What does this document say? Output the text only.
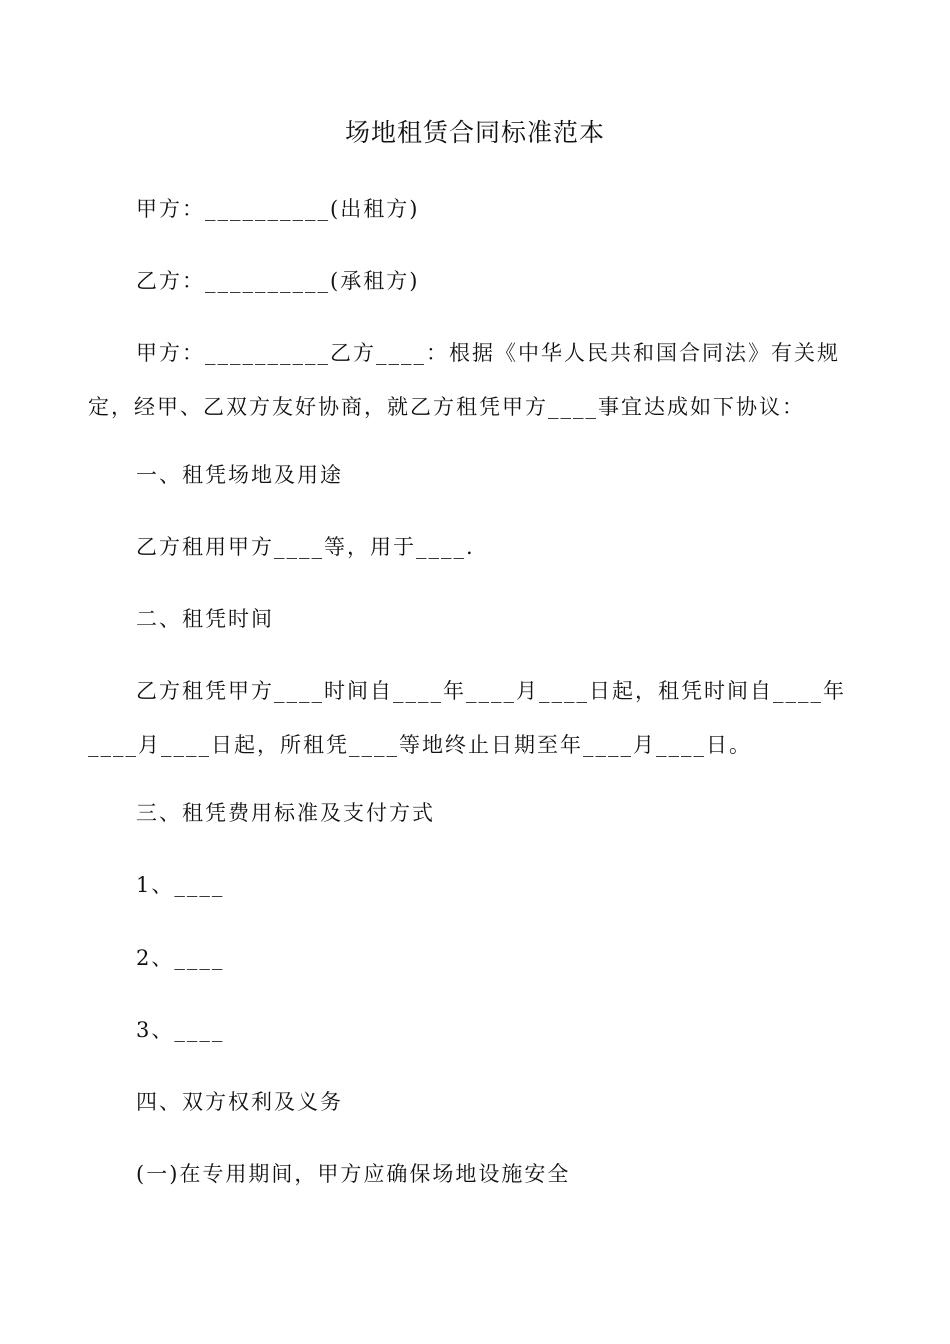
场地租赁合同标准范本
甲方：__________(出租方)
乙方：__________(承租方)
甲方：__________乙方____：根据《中华人民共和国合同法》有关规定，经甲、乙双方友好协商，就乙方租凭甲方____事宜达成如下协议：
一、租凭场地及用途
乙方租用甲方____等，用于____.
二、租凭时间
乙方租凭甲方____时间自____年____月____日起，租凭时间自____年____月____日起，所租凭____等地终止日期至年____月____日。
三、租凭费用标准及支付方式
1、____
2、____
3、____
四、双方权利及义务
(一)在专用期间，甲方应确保场地设施安全
